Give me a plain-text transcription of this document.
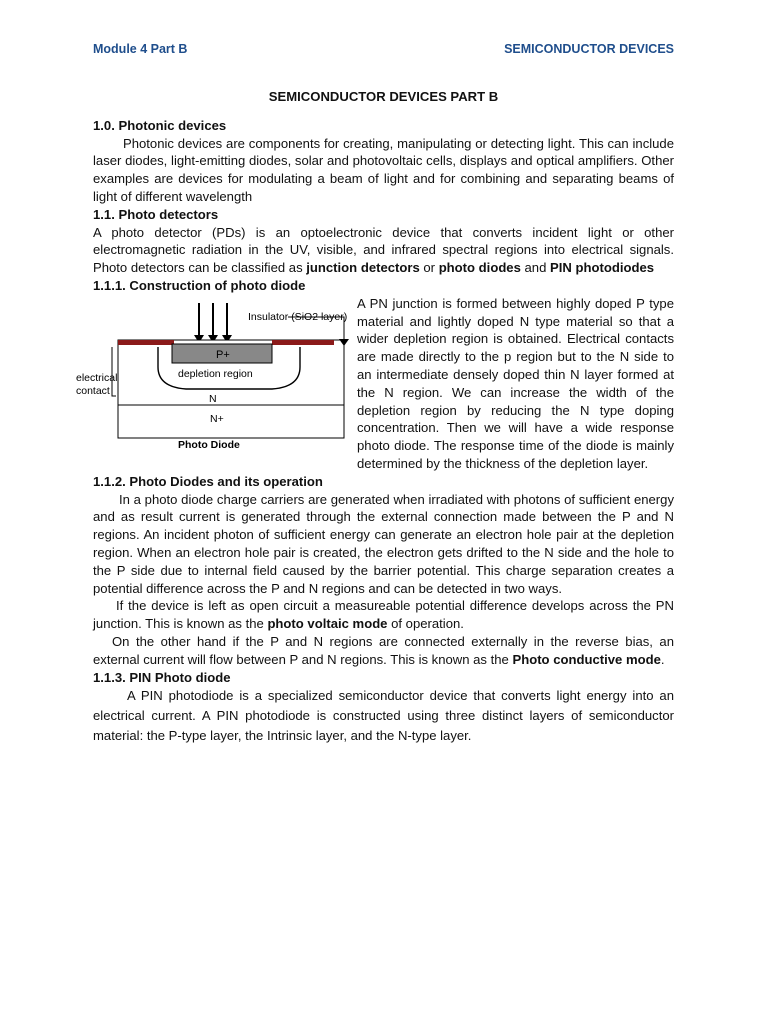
Module 4 Part B	SEMICONDUCTOR DEVICES

SEMICONDUCTOR DEVICES PART B

1.0. Photonic devices

Photonic devices are components for creating, manipulating or detecting light. This can include laser diodes, light-emitting diodes, solar and photovoltaic cells, displays and optical amplifiers. Other examples are devices for modulating a beam of light and for combining and separating beams of light of different wavelength

1.1. Photo detectors

A photo detector (PDs) is an optoelectronic device that converts incident light or other electromagnetic radiation in the UV, visible, and infrared spectral regions into electrical signals. Photo detectors can be classified as junction detectors or photo diodes and PIN photodiodes

1.1.1. Construction of photo diode

Insulator (SiO2 layer)
P+
depletion region
N
N+
electrical
contact
Photo Diode

A PN junction is formed between highly doped P type material and lightly doped N type material so that a wider depletion region is obtained. Electrical contacts are made directly to the p region but to the N side to an intermediate densely doped thin N layer formed at the N region. We can increase the width of the depletion region by reducing the N type doping concentration. Then we will have a wide response photo diode. The response time of the diode is mainly determined by the thickness of the depletion layer.

1.1.2. Photo Diodes and its operation

In a photo diode charge carriers are generated when irradiated with photons of sufficient energy and as result current is generated through the external connection made between the P and N regions. An incident photon of sufficient energy can generate an electron hole pair at the depletion region. When an electron hole pair is created, the electron gets drifted to the N side and the hole to the P side due to internal field caused by the barrier potential. This charge separation creates a potential difference across the P and N regions and can be detected in two ways.

If the device is left as open circuit a measureable potential difference develops across the PN junction. This is known as the photo voltaic mode of operation.

On the other hand if the P and N regions are connected externally in the reverse bias, an external current will flow between P and N regions. This is known as the Photo conductive mode.

1.1.3. PIN Photo diode

A PIN photodiode is a specialized semiconductor device that converts light energy into an electrical current. A PIN photodiode is constructed using three distinct layers of semiconductor material: the P-type layer, the Intrinsic layer, and the N-type layer.
